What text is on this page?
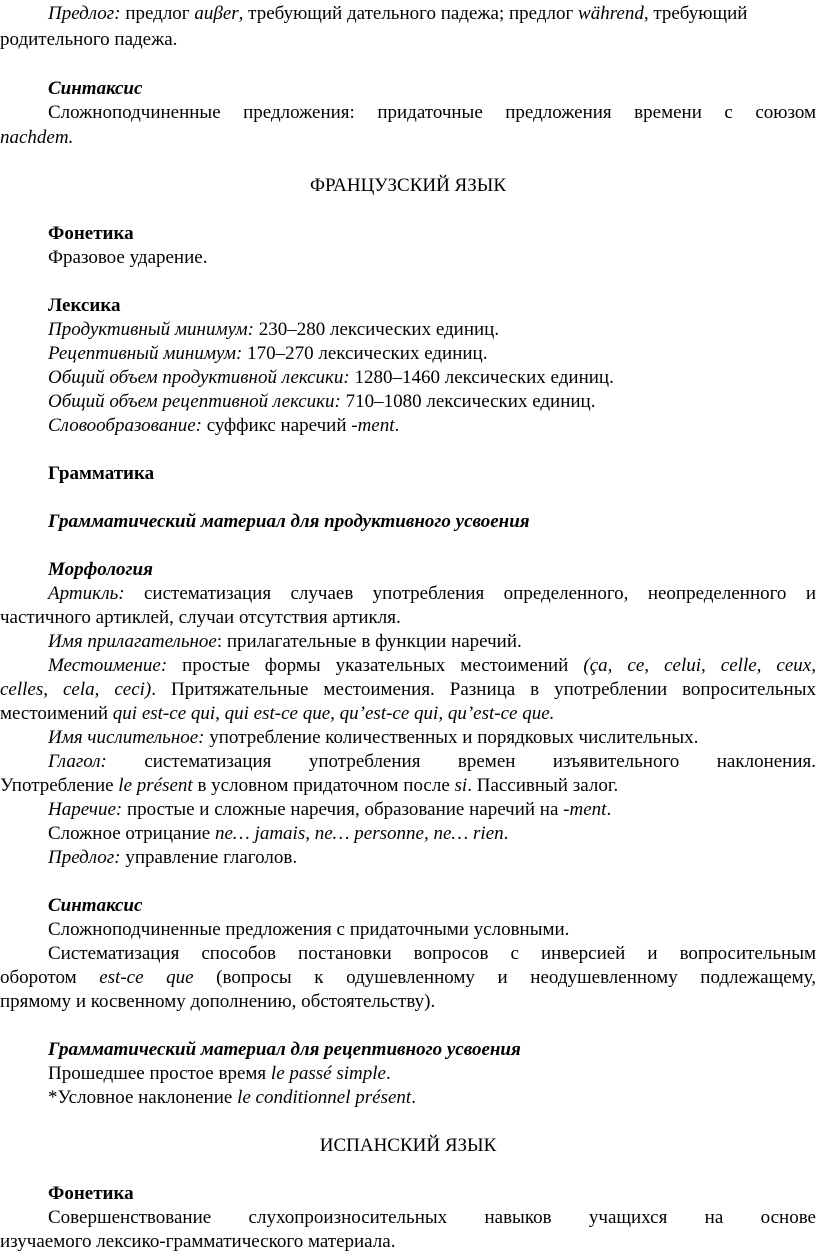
Предлог: предлог auβer, требующий дательного падежа; предлог während, требующий
родительного падежа.
Синтаксис
Сложноподчиненные предложения: придаточные предложения времени с союзом
nachdem.
ФРАНЦУЗСКИЙ ЯЗЫК
Фонетика
Фразовое ударение.
Лексика
Продуктивный минимум: 230–280 лексических единиц.
Рецептивный минимум: 170–270 лексических единиц.
Общий объем продуктивной лексики: 1280–1460 лексических единиц.
Общий объем рецептивной лексики: 710–1080 лексических единиц.
Словообразование: суффикс наречий -ment.
Грамматика
Грамматический материал для продуктивного усвоения
Морфология
Артикль: систематизация случаев употребления определенного, неопределенного и
частичного артиклей, случаи отсутствия артикля.
Имя прилагательное: прилагательные в функции наречий.
Местоимение: простые формы указательных местоимений (ça, ce, celui, celle, ceux,
celles, cela, ceci). Притяжательные местоимения. Разница в употреблении вопросительных
местоимений qui est-ce qui, qui est-ce que, qu’est-ce qui, qu’est-ce que.
Имя числительное: употребление количественных и порядковых числительных.
Глагол: систематизация употребления времен изъявительного наклонения.
Употребление le présent в условном придаточном после si. Пассивный залог.
Наречие: простые и сложные наречия, образование наречий на -ment.
Сложное отрицание ne… jamais, ne… personne, ne… rien.
Предлог: управление глаголов.
Синтаксис
Сложноподчиненные предложения с придаточными условными.
Систематизация способов постановки вопросов с инверсией и вопросительным
оборотом est-ce que (вопросы к одушевленному и неодушевленному подлежащему,
прямому и косвенному дополнению, обстоятельству).
Грамматический материал для рецептивного усвоения
Прошедшее простое время le passé simple.
*Условное наклонение le conditionnel présent.
ИСПАНСКИЙ ЯЗЫК
Фонетика
Совершенствование слухопроизносительных навыков учащихся на основе
изучаемого лексико-грамматического материала.
